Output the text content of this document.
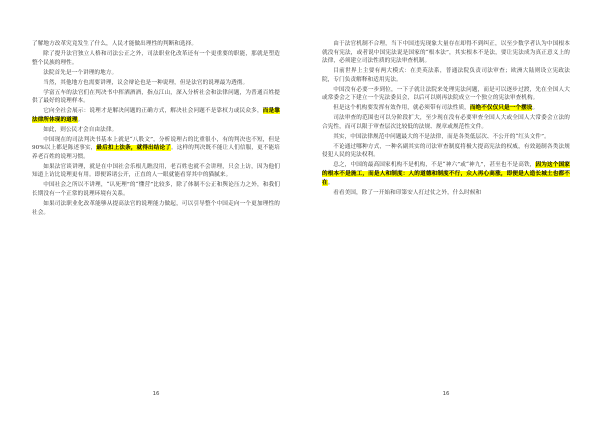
了解地方改革究竟发生了什么，人民才能做出理性的判断和选择。

除了提升法官独立人格和司法公正之外，司法职业化改革还有一个更重要的职能，那就是塑造整个民族的理性。

法院首先是一个讲理的地方。

当然，其他地方也需要讲理，议会辩论也是一种说理，但是法官的说理最为透彻。

学富五车的法官们在判决书中挥洒酒酒，指点江山，深入分析社会和法律问题，为普通百姓提供了最好的说理样本。

它向全社会展示：说理才是解决问题的正确方式，解决社会问题不是靠权力或民众多，而是靠法律所体现的道理。

如此，则公民才会自由法律。

中国现在的司法判决书基本上就是“八股文”，分析说理占的比重很小，有的判决也不短，但是90%以上都是陈述事实，最后扣上法条，就得出结论了。这样的判决既不能让人们信服，更不能培养老百姓的说理习惯。

如果法官谈讲理，就是在中国社会乐根儿瞧没用，老百姓也就不会讲理，只会上访，因为他们知道上访比说理更有用。即便诉诸公开，正直的人一眼就能看穿其中的猫腻来。

中国社会之所以不讲理，“认死理”的“懂营”比较多，除了体制不公正和舆论压力之外，和我们长期没有一个正常的说理环境有关系。

如果司法职业化改革能够从提高法官的说理能力做起，可以引导整个中国走向一个更加理性的社会。

16

由于法官机制不合理，当下中国违宪现象大量存在却得不到纠正，以至少数学者认为中国根本就没有宪法，或者说中国宪法说是国家的“根本法”，其实根本不是法，要让宪法成为真正意义上的法律，必须建立司法性质的宪法审查机制。

目前世界上主要有两大模式：在美英法系，普通法院负责司法审查；欧洲大陆则设立宪政法院，专门负责解释和适用宪法。

中国没有必要一步到位，一下子就让法院来处理宪法问题，而是可以逐步过渡，先在全国人大或常委会之下建立一个宪法委员会，以后可以则再法院成立一个独立的宪法审查机构。

但是这个机构要发挥有效作用，就必须带有司法性质，而绝不仅仅只是一个摆设。

司法审查的范围也可以分阶段扩大，至少现在没有必要审查全国人大或全国人大常委会立法的合宪性，而可以限于审查层次比较低的法规、规章或规范性文件。

其实，中国法律规范中问题最大的不是法律，而是各类低层次、不公开的“红头文件”。

不论通过哪种方式，一种名副其实的司法审查制度将极大提高宪法的权威，有效遏制各类法规侵犯人民的宪法权利。

总之，中国的最高国家机构不是机构，不是“神六”或“神九”，甚至也不是高铁，因为这个国家的根本不是施工，而是人和制度：人的道德和制度不行，众人再心高涨，即便是人造长城土也都不在。

看看美国，除了一开始和印第安人打过仗之外，什么时候和

16
